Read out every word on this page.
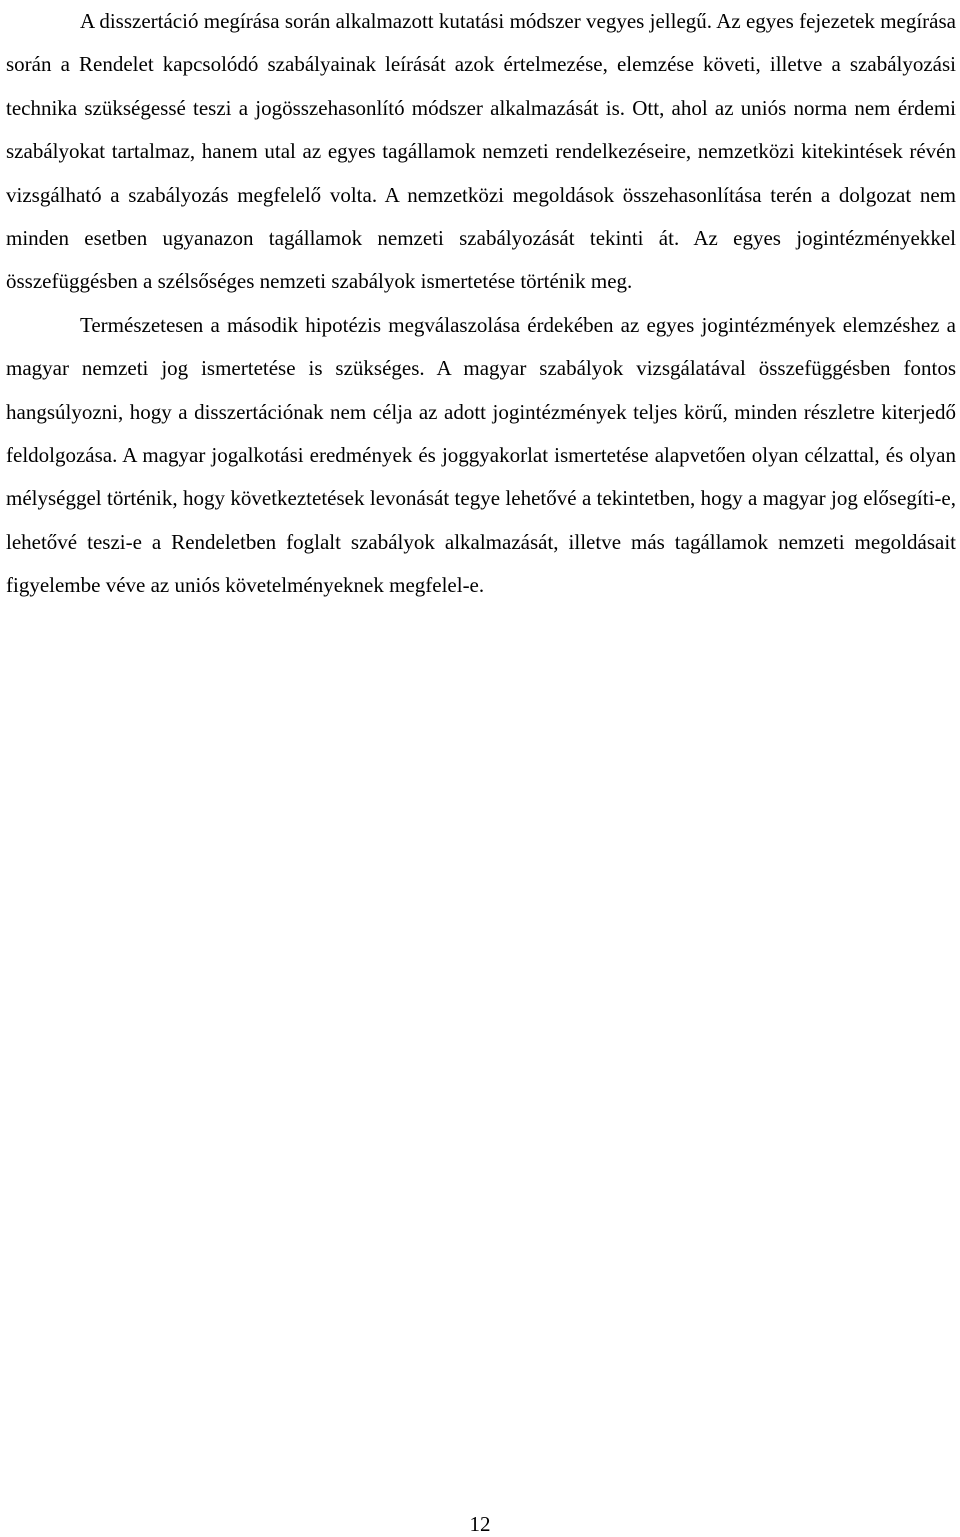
A disszertáció megírása során alkalmazott kutatási módszer vegyes jellegű. Az egyes fejezetek megírása során a Rendelet kapcsolódó szabályainak leírását azok értelmezése, elemzése követi, illetve a szabályozási technika szükségessé teszi a jogösszehasonlító módszer alkalmazását is. Ott, ahol az uniós norma nem érdemi szabályokat tartalmaz, hanem utal az egyes tagállamok nemzeti rendelkezéseire, nemzetközi kitekintések révén vizsgálható a szabályozás megfelelő volta. A nemzetközi megoldások összehasonlítása terén a dolgozat nem minden esetben ugyanazon tagállamok nemzeti szabályozását tekinti át. Az egyes jogintézményekkel összefüggésben a szélsőséges nemzeti szabályok ismertetése történik meg.

Természetesen a második hipotézis megválaszolása érdekében az egyes jogintézmények elemzéshez a magyar nemzeti jog ismertetése is szükséges. A magyar szabályok vizsgálatával összefüggésben fontos hangsúlyozni, hogy a disszertációnak nem célja az adott jogintézmények teljes körű, minden részletre kiterjedő feldolgozása. A magyar jogalkotási eredmények és joggyakorlat ismertetése alapvetően olyan célzattal, és olyan mélységgel történik, hogy következtetések levonását tegye lehetővé a tekintetben, hogy a magyar jog elősegíti-e, lehetővé teszi-e a Rendeletben foglalt szabályok alkalmazását, illetve más tagállamok nemzeti megoldásait figyelembe véve az uniós követelményeknek megfelel-e.

12
